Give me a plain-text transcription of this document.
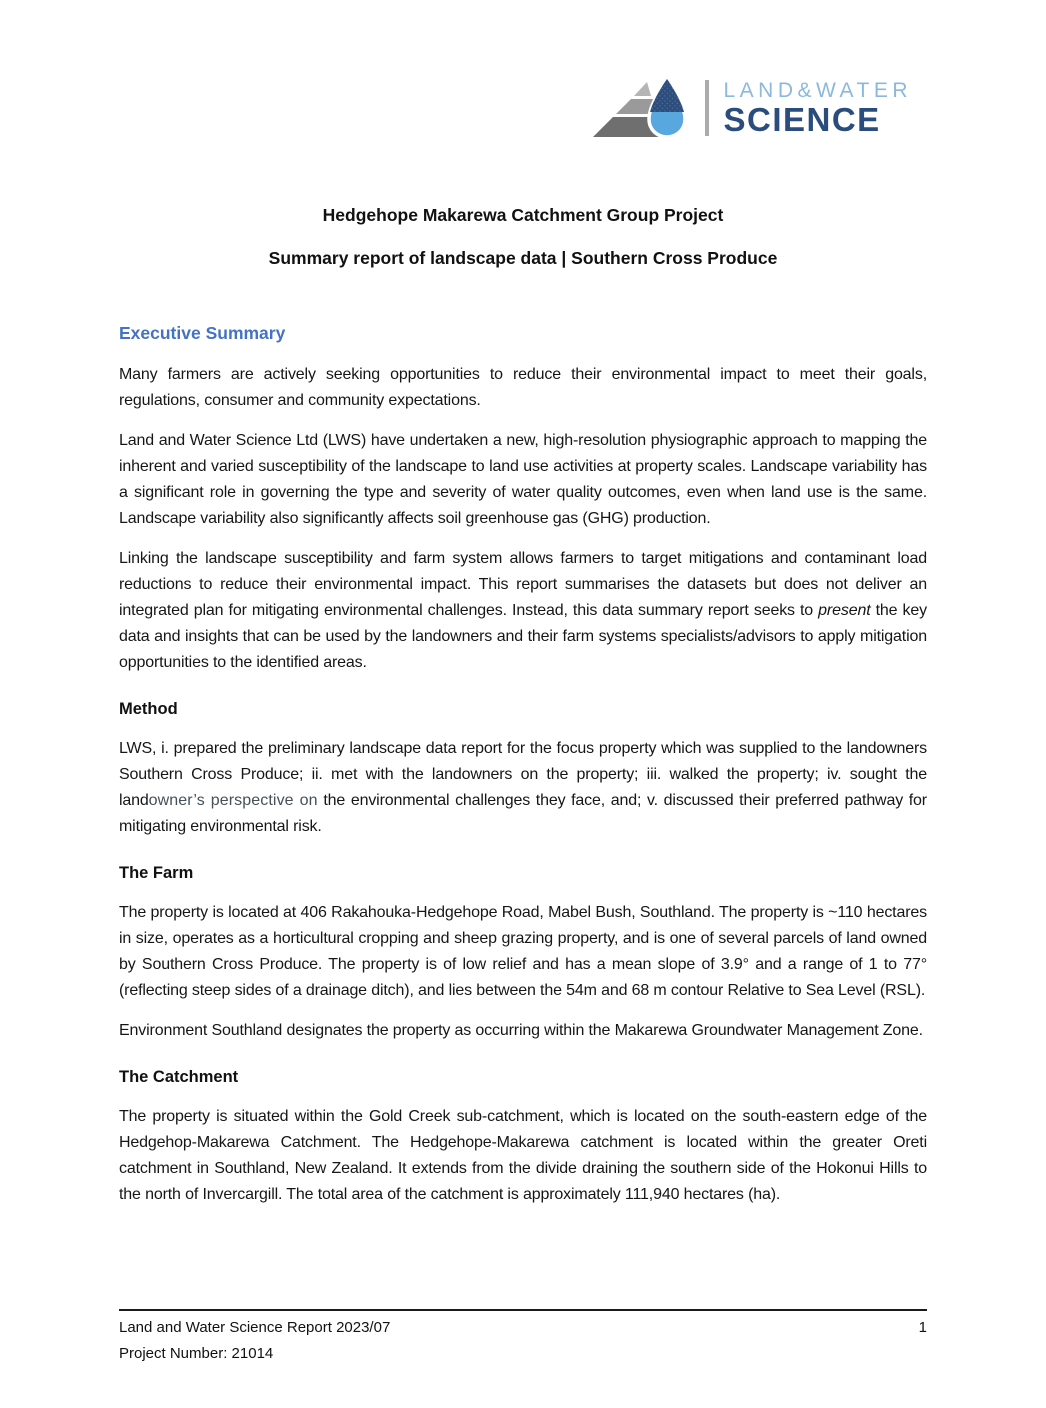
LAND&WATER
SCIENCE
Hedgehope Makarewa Catchment Group Project
Summary report of landscape data | Southern Cross Produce
Executive Summary

Many farmers are actively seeking opportunities to reduce their environmental impact to meet their goals, regulations, consumer and community expectations.

Land and Water Science Ltd (LWS) have undertaken a new, high-resolution physiographic approach to mapping the inherent and varied susceptibility of the landscape to land use activities at property scales. Landscape variability has a significant role in governing the type and severity of water quality outcomes, even when land use is the same. Landscape variability also significantly affects soil greenhouse gas (GHG) production.

Linking the landscape susceptibility and farm system allows farmers to target mitigations and contaminant load reductions to reduce their environmental impact. This report summarises the datasets but does not deliver an integrated plan for mitigating environmental challenges. Instead, this data summary report seeks to present the key data and insights that can be used by the landowners and their farm systems specialists/advisors to apply mitigation opportunities to the identified areas.

Method

LWS, i. prepared the preliminary landscape data report for the focus property which was supplied to the landowners Southern Cross Produce; ii. met with the landowners on the property; iii. walked the property; iv. sought the landowner’s perspective on the environmental challenges they face, and; v. discussed their preferred pathway for mitigating environmental risk.

The Farm

The property is located at 406 Rakahouka-Hedgehope Road, Mabel Bush, Southland. The property is ~110 hectares in size, operates as a horticultural cropping and sheep grazing property, and is one of several parcels of land owned by Southern Cross Produce. The property is of low relief and has a mean slope of 3.9° and a range of 1 to 77° (reflecting steep sides of a drainage ditch), and lies between the 54m and 68 m contour Relative to Sea Level (RSL).

Environment Southland designates the property as occurring within the Makarewa Groundwater Management Zone.

The Catchment

The property is situated within the Gold Creek sub-catchment, which is located on the south-eastern edge of the Hedgehop-Makarewa Catchment. The Hedgehope-Makarewa catchment is located within the greater Oreti catchment in Southland, New Zealand. It extends from the divide draining the southern side of the Hokonui Hills to the north of Invercargill. The total area of the catchment is approximately 111,940 hectares (ha).

Land and Water Science Report 2023/07
Project Number: 21014
1
